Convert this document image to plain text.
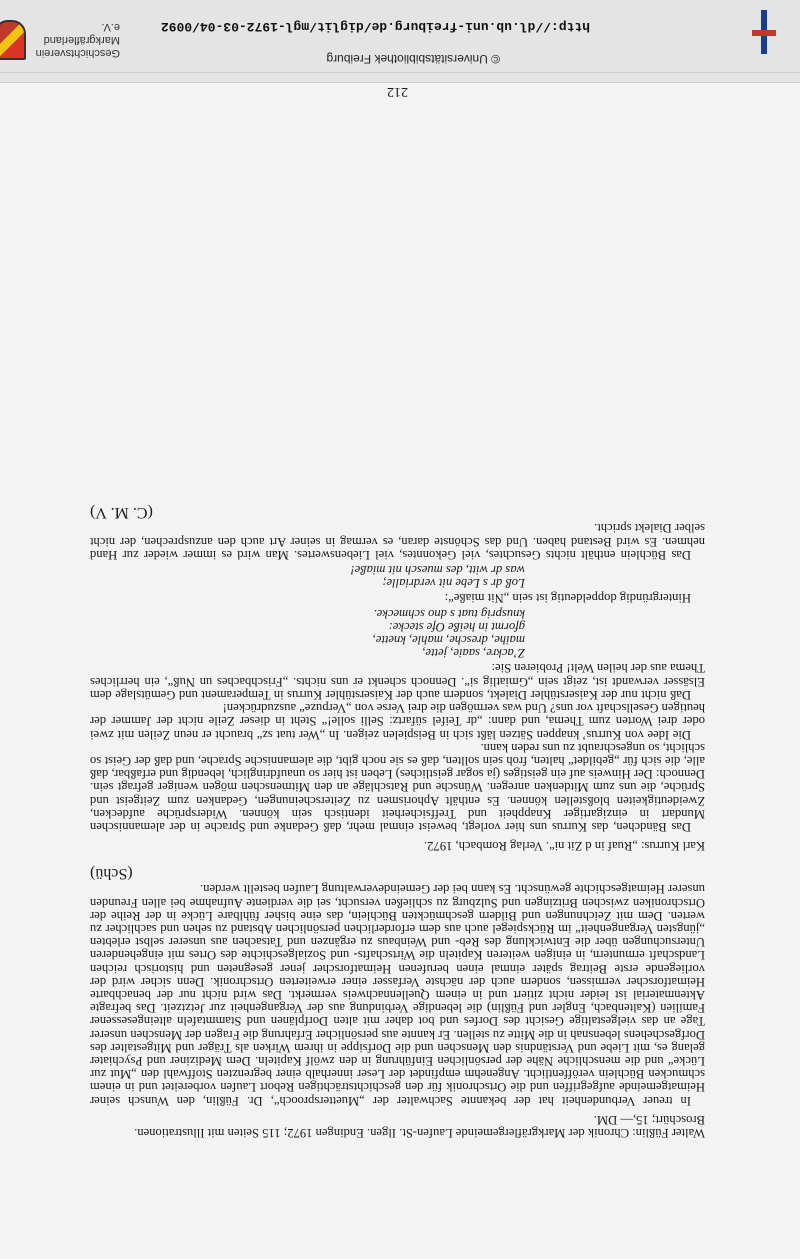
Walter Füßlin: Chronik der Markgräflergemeinde Laufen-St. Ilgen. Endingen 1972; 115 Seiten mit Illustrationen. Broschürt; 15,— DM.

In treuer Verbundenheit hat der bekannte Sachwalter der „Muettersprooch“, Dr. Füßlin, den Wunsch seiner Heimatgemeinde aufgegriffen und die Ortschronik für den geschichtsträchtigen Rebort Laufen vorbereitet und in einem schmucken Büchlein veröffentlicht. Angenehm empfindet der Leser innerhalb einer begrenzten Stoffwahl den „Mut zur Lücke“ und die menschliche Nähe der persönlichen Einführung in den zwölf Kapiteln. Dem Mediziner und Psychiater gelang es, mit Liebe und Verständnis den Menschen und die Dorfsippe in ihrem Wirken als Träger und Mitgestalter des Dorfgeschehens lebensnah in die Mitte zu stellen. Er kannte aus persönlicher Erfahrung die Fragen der Menschen unserer Tage an das vielgestaltige Gesicht des Dorfes und bot daher mit alten Dorfplänen und Stammtafeln alteingesessener Familien (Kaltenbach, Engler und Füßlin) die lebendige Verbindung aus der Vergangenheit zur Jetztzeit. Das befragte Aktenmaterial ist leider nicht zitiert und in einem Quellennachweis vermerkt. Das wird nicht nur der benachbarte Heimatforscher vermissen, sondern auch der nächste Verfasser einer erweiterten Ortschronik. Denn sicher wird der vorliegende erste Beitrag später einmal einen berufenen Heimatforscher jener gesegneten und historisch reichen Landschaft ermuntern, in einigen weiteren Kapiteln die Wirtschafts- und Sozialgeschichte des Ortes mit eingehenderen Untersuchungen über die Entwicklung des Reb- und Weinbaus zu ergänzen und Tatsachen aus unserer selbst erlebten „jüngsten Vergangenheit“ im Rückspiegel auch aus dem erforderlichen persönlichen Abstand zu sehen und sachlicher zu werten. Dem mit Zeichnungen und Bildern geschmückten Büchlein, das eine bisher fühlbare Lücke in der Reihe der Ortschroniken zwischen Britzingen und Sulzburg zu schließen versucht, sei die verdiente Aufnahme bei allen Freunden unserer Heimatgeschichte gewünscht. Es kann bei der Gemeindeverwaltung Laufen bestellt werden.

(Schü)

Karl Kurrus: „Ruaf in d Zit ni“. Verlag Rombach, 1972.

Das Bändchen, das Kurrus uns hier vorlegt, beweist einmal mehr, daß Gedanke und Sprache in der alemannischen Mundart in einzigartiger Knappheit und Treffsicherheit identisch sein können. Widersprüche aufdecken, Zweideutigkeiten bloßstellen können. Es enthält Aphorismen zu Zeiterscheinungen, Gedanken zum Zeitgeist und Sprüche, die uns zum Mitdenken anregen. Wünsche und Ratschläge an den Mitmenschen mögen weniger gefragt sein. Dennoch: Der Hinweis auf ein geistiges (ja sogar geistliches) Leben ist hier so unaufdringlich, lebendig und erfaßbar, daß alle, die sich für „gebildet“ halten, froh sein sollten, daß es sie noch gibt, die alemannische Sprache, und daß der Geist so schlicht, so ungeschraubt zu uns reden kann.

Die Idee von Kurrus’ knappen Sätzen läßt sich in Beispielen zeigen. In „Wer tuat sz“ braucht er neun Zeilen mit zwei oder drei Worten zum Thema, und dann: „dr Teifel süfartz: Selli solle!“ Steht in dieser Zeile nicht der Jammer der heutigen Gesellschaft vor uns? Und was vermögen die drei Verse von „Verpuze“ auszudrücken!

Daß nicht nur der Kaiserstühler Dialekt, sondern auch der Kaiserstühler Kurrus in Temperament und Gemütslage dem Elsässer verwandt ist, zeigt sein „Gmiatlig si“. Dennoch schenkt er uns nichts. „Frischbaches un Nuß“, ein herrliches Thema aus der heilen Welt! Probieren Sie:

Z’ackre, saaie, jette,
maihe, dresche, mahle, knette,
gformt in heiße Ofe stecke:
knusprig tuat s dno schmecke.

Hintergründig doppeldeutig ist sein „Nit miaße“:

Loß dr s Lebe nit verdrialle;
was dr witt, des muesch nit miaße!

Das Büchlein enthält nichts Gesuchtes, viel Gekonntes, viel Liebenswertes. Man wird es immer wieder zur Hand nehmen. Es wird Bestand haben. Und das Schönste daran, es vermag in seiner Art auch den anzusprechen, der nicht selber Dialekt spricht.

(C. M. V)
212
© Universitätsbibliothek Freiburg
http://dl.ub.uni-freiburg.de/diglit/mgl-1972-03-04/0092
Geschichtsverein
Markgräflerland e.V.
